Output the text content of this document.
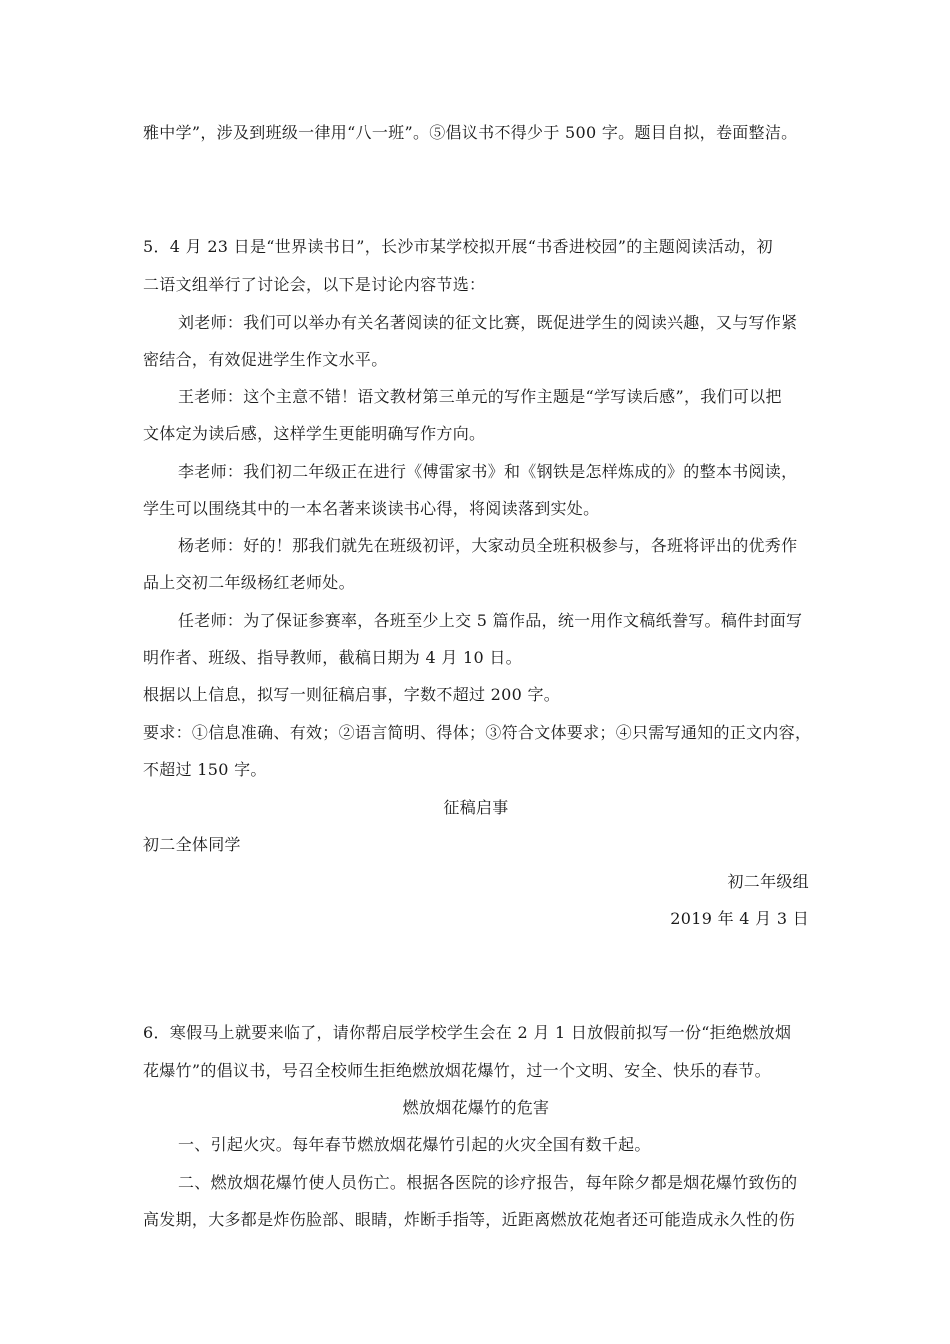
雅中学”，涉及到班级一律用“八一班”。⑤倡议书不得少于 500 字。题目自拟，卷面整洁。
5．4 月 23 日是“世界读书日”，长沙市某学校拟开展“书香进校园”的主题阅读活动，初
二语文组举行了讨论会，以下是讨论内容节选：
刘老师：我们可以举办有关名著阅读的征文比赛，既促进学生的阅读兴趣，又与写作紧
密结合，有效促进学生作文水平。
王老师：这个主意不错！语文教材第三单元的写作主题是“学写读后感”，我们可以把
文体定为读后感，这样学生更能明确写作方向。
李老师：我们初二年级正在进行《傅雷家书》和《钢铁是怎样炼成的》的整本书阅读，
学生可以围绕其中的一本名著来谈读书心得，将阅读落到实处。
杨老师：好的！那我们就先在班级初评，大家动员全班积极参与，各班将评出的优秀作
品上交初二年级杨红老师处。
任老师：为了保证参赛率，各班至少上交 5 篇作品，统一用作文稿纸誊写。稿件封面写
明作者、班级、指导教师，截稿日期为 4 月 10 日。
根据以上信息，拟写一则征稿启事，字数不超过 200 字。
要求：①信息准确、有效；②语言简明、得体；③符合文体要求；④只需写通知的正文内容，
不超过 150 字。
征稿启事
初二全体同学
初二年级组
2019 年 4 月 3 日
6．寒假马上就要来临了，请你帮启辰学校学生会在 2 月 1 日放假前拟写一份“拒绝燃放烟
花爆竹”的倡议书，号召全校师生拒绝燃放烟花爆竹，过一个文明、安全、快乐的春节。
燃放烟花爆竹的危害
一、引起火灾。每年春节燃放烟花爆竹引起的火灾全国有数千起。
二、燃放烟花爆竹使人员伤亡。根据各医院的诊疗报告，每年除夕都是烟花爆竹致伤的
高发期，大多都是炸伤脸部、眼睛，炸断手指等，近距离燃放花炮者还可能造成永久性的伤
